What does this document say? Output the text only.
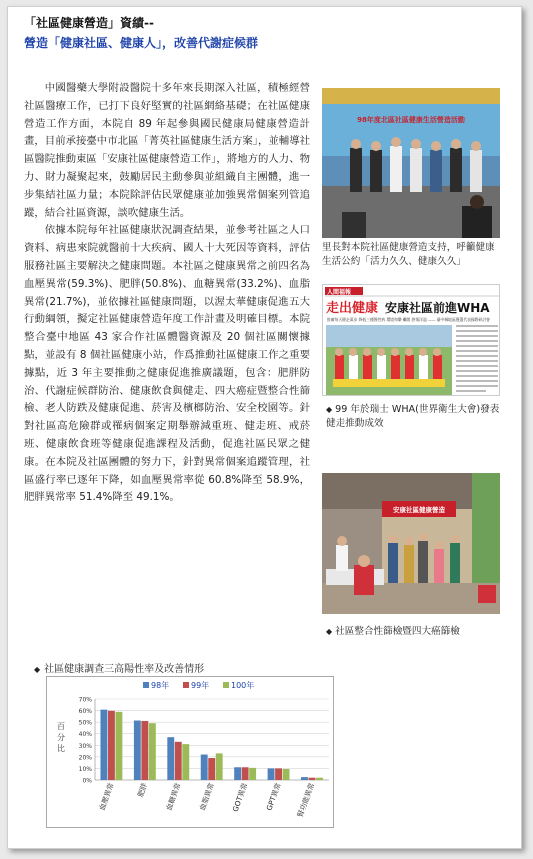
「社區健康營造」資績--
營造「健康社區、健康人」，改善代謝症候群

中國醫藥大學附設醫院十多年來長期深入社區，積極經營社區醫療工作，已打下良好堅實的社區網絡基礎；在社區健康營造工作方面，本院自 89 年起參與國民健康局健康營造計畫，目前承接臺中市北區「菁英社區健康生活方案」，並輔導社區醫院推動東區「安康社區健康營造工作」，將地方的人力、物力、財力凝聚起來，鼓勵居民主動參與並組織自主團體，進一步集結社區力量；本院除評估民眾健康並加強異常個案列管追蹤，結合社區資源，談吹健康生活。

依據本院每年社區健康狀況調查結果，並參考社區之人口資料、病患來院就醫前十大疾病、國人十大死因等資料，評估服務社區主要解決之健康問題。本社區之健康異常之前四名為血壓異常(59.3%)、肥胖(50.8%)、血糖異常(33.2%)、血脂異常(21.7%)，並依據社區健康問題，以渥太華健康促進五大行動綱領，擬定社區健康營造年度工作計畫及明確目標。本院整合臺中地區 43 家合作社區體醫資源及 20 個社區關懷據點，並設有 8 個社區健康小站，作爲推動社區健康工作之重要據點，近 3 年主要推動之健康促進推廣議題，包含：肥胖防治、代謝症候群防治、健康飲食與健走、四大癌症暨整合性篩檢、老人防跌及健康促進、菸害及檳榔防治、安全校園等。針對社區高危險群或罹病個案定期舉辦減重班、健走班、戒菸班、健康飲食班等健康促進課程及活動，促進社區民眾之健康。在本院及社區團體的努力下，針對異常個案追蹤管理，社區盛行率已逐年下降，如血壓異常率從 60.8%降至 58.9%，肥胖異常率 51.4%降至 49.1%。

98年度北區社區健康生活營造活動
里長對本院社區健康營造支持，呼籲健康生活公約「活力久久、健康久久」
人間福報
走出健康 安康社區前進WHA
推廣每天健走萬步 降低三種慢性病 環境和樂 繼開 熱情洋溢 —— 臺中縣地區獲選代表國際研討會
◆ 99 年於瑞士 WHA(世界衛生大會)發表健走推動成效
安康社區健康營造
◆ 社區整合性篩檢暨四大癌篩檢
◆ 社區健康調查三高陽性率及改善情形
98年	99年	100年
0%
10%
20%
30%
40%
50%
60%
70%
百分比
血壓異常	肥胖 血糖異常 血脂異常 GOT異常 GPT異常 腎功能異常
